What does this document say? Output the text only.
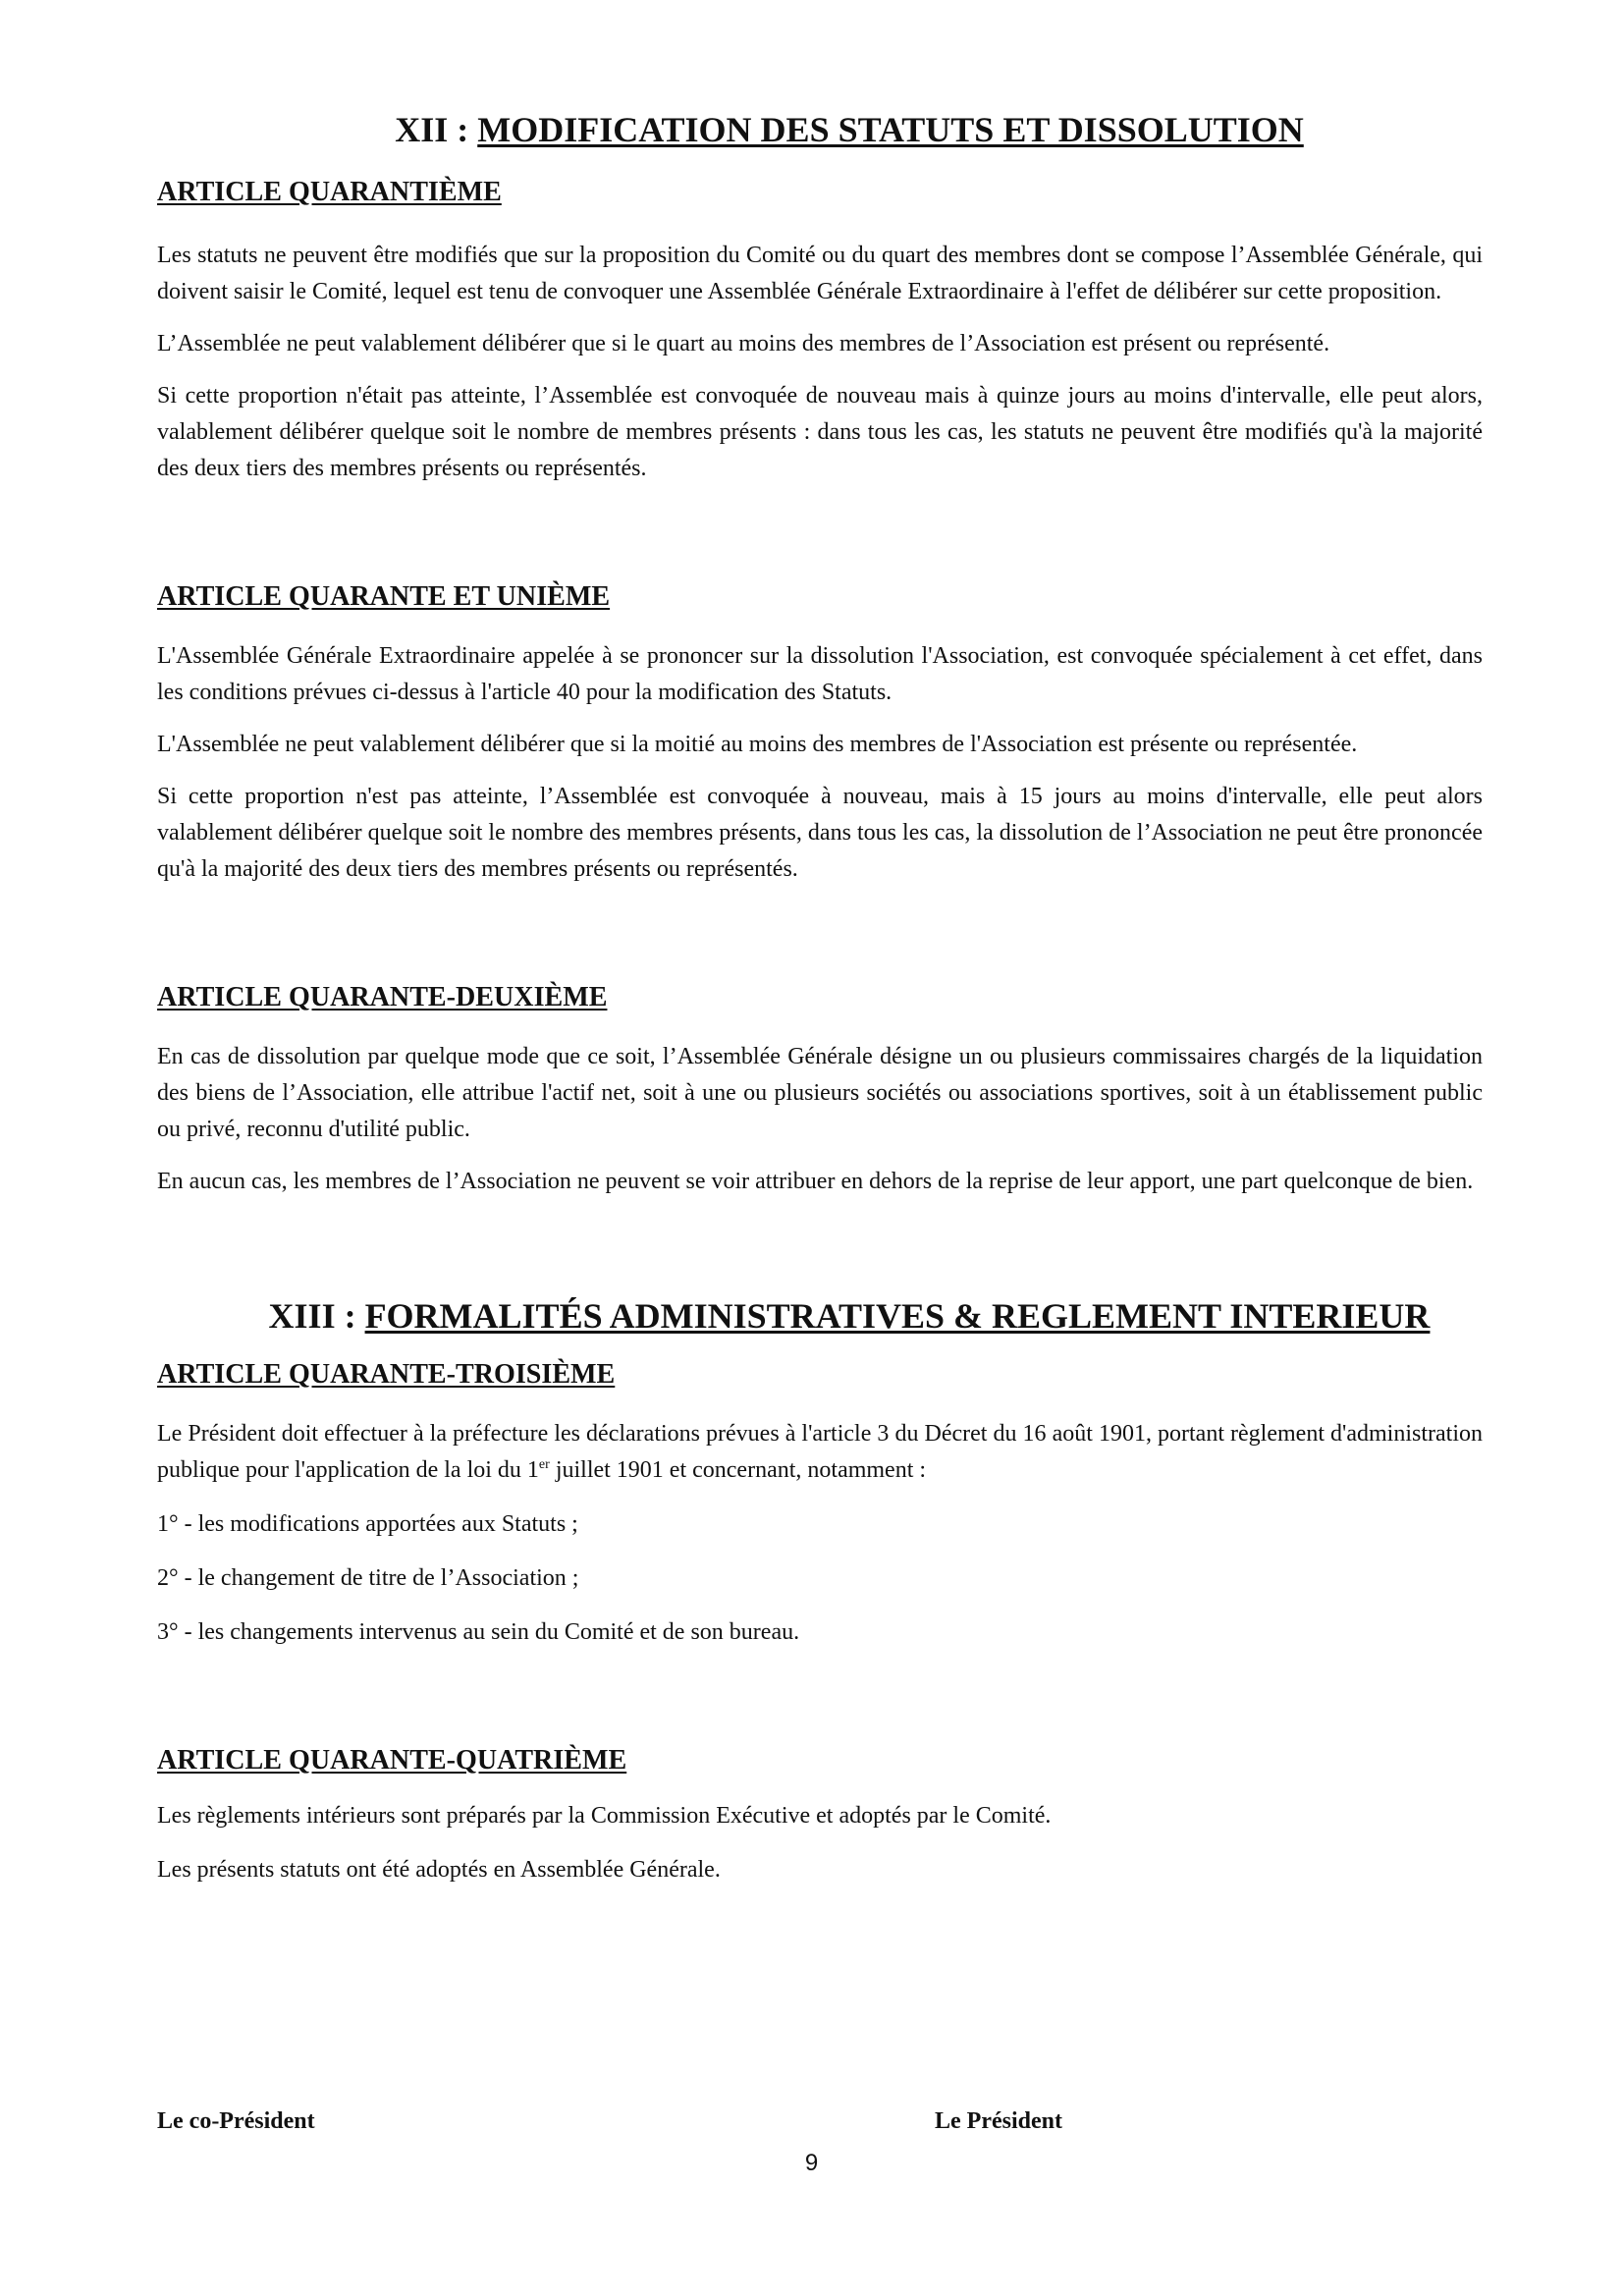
XII : MODIFICATION DES STATUTS ET DISSOLUTION
ARTICLE QUARANTIÈME

Les statuts ne peuvent être modifiés que sur la proposition du Comité ou du quart des membres dont se compose l’Assemblée Générale, qui doivent saisir le Comité, lequel est tenu de convoquer une Assemblée Générale Extraordinaire à l'effet de délibérer sur cette proposition.

L’Assemblée ne peut valablement délibérer que si le quart au moins des membres de l’Association est présent ou représenté.

Si cette proportion n'était pas atteinte, l’Assemblée est convoquée de nouveau mais à quinze jours au moins d'intervalle, elle peut alors, valablement délibérer quelque soit le nombre de membres présents : dans tous les cas, les statuts ne peuvent être modifiés qu'à la majorité des deux tiers des membres présents ou représentés.

ARTICLE QUARANTE ET UNIÈME

L'Assemblée Générale Extraordinaire appelée à se prononcer sur la dissolution l'Association, est convoquée spécialement à cet effet, dans les conditions prévues ci-dessus à l'article 40 pour la modification des Statuts.

L'Assemblée ne peut valablement délibérer que si la moitié au moins des membres de l'Association est présente ou représentée.

Si cette proportion n'est pas atteinte, l’Assemblée est convoquée à nouveau, mais à 15 jours au moins d'intervalle, elle peut alors valablement délibérer quelque soit le nombre des membres présents, dans tous les cas, la dissolution de l’Association ne peut être prononcée qu'à la majorité des deux tiers des membres présents ou représentés.

ARTICLE QUARANTE-DEUXIÈME

En cas de dissolution par quelque mode que ce soit, l’Assemblée Générale désigne un ou plusieurs commissaires chargés de la liquidation des biens de l’Association, elle attribue l'actif net, soit à une ou plusieurs sociétés ou associations sportives, soit à un établissement public ou privé, reconnu d'utilité public.

En aucun cas, les membres de l’Association ne peuvent se voir attribuer en dehors de la reprise de leur apport, une part quelconque de bien.

XIII : FORMALITÉS ADMINISTRATIVES & REGLEMENT INTERIEUR
ARTICLE QUARANTE-TROISIÈME

Le Président doit effectuer à la préfecture les déclarations prévues à l'article 3 du Décret du 16 août 1901, portant règlement d'administration publique pour l'application de la loi du 1er juillet 1901 et concernant, notamment :

1° - les modifications apportées aux Statuts ;

2° - le changement de titre de l’Association ;

3° - les changements intervenus au sein du Comité et de son bureau.

ARTICLE QUARANTE-QUATRIÈME

Les règlements intérieurs sont préparés par la Commission Exécutive et adoptés par le Comité.

Les présents statuts ont été adoptés en Assemblée Générale.

Le co-Président	Le Président
9
